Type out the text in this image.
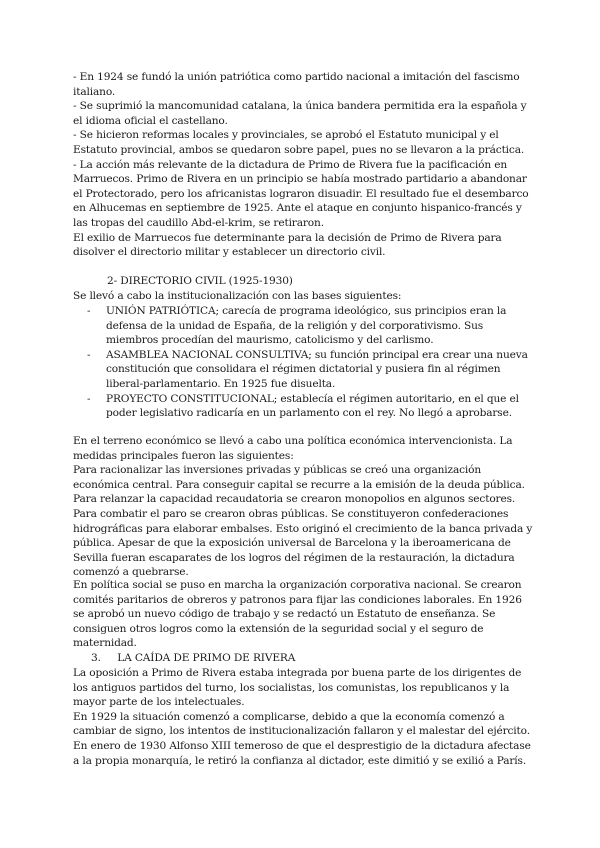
- En 1924 se fundó la unión patriótica como partido nacional a imitación del fascismo italiano.

- Se suprimió la mancomunidad catalana, la única bandera permitida era la española y el idioma oficial el castellano.

- Se hicieron reformas locales y provinciales, se aprobó el Estatuto municipal y el Estatuto provincial, ambos se quedaron sobre papel, pues no se llevaron a la práctica.

- La acción más relevante de la dictadura de Primo de Rivera fue la pacificación en Marruecos. Primo de Rivera en un principio se había mostrado partidario a abandonar el Protectorado, pero los africanistas lograron disuadir. El resultado fue el desembarco en Alhucemas en septiembre de 1925. Ante el ataque en conjunto hispanico-francés y las tropas del caudillo Abd-el-krim, se retiraron.

El exilio de Marruecos fue determinante para la decisión de Primo de Rivera para disolver el directorio militar y establecer un directorio civil.

2- DIRECTORIO CIVIL (1925-1930)

Se llevó a cabo la institucionalización con las bases siguientes:

- UNIÓN PATRIÓTICA; carecía de programa ideológico, sus principios eran la defensa de la unidad de España, de la religión y del corporativismo. Sus miembros procedían del maurismo, catolicismo y del carlismo.
- ASAMBLEA NACIONAL CONSULTIVA; su función principal era crear una nueva constitución que consolidara el régimen dictatorial y pusiera fin al régimen liberal-parlamentario. En 1925 fue disuelta.
- PROYECTO CONSTITUCIONAL; establecía el régimen autoritario, en el que el poder legislativo radicaría en un parlamento con el rey. No llegó a aprobarse.

En el terreno económico se llevó a cabo una política económica intervencionista. La medidas principales fueron las siguientes:

Para racionalizar las inversiones privadas y públicas se creó una organización económica central. Para conseguir capital se recurre a la emisión de la deuda pública. Para relanzar la capacidad recaudatoria se crearon monopolios en algunos sectores. Para combatir el paro se crearon obras públicas. Se constituyeron confederaciones hidrográficas para elaborar embalses. Esto originó el crecimiento de la banca privada y pública. Apesar de que la exposición universal de Barcelona y la iberoamericana de Sevilla fueran escaparates de los logros del régimen de la restauración, la dictadura comenzó a quebrarse.

En política social se puso en marcha la organización corporativa nacional. Se crearon comités paritarios de obreros y patronos para fijar las condiciones laborales. En 1926 se aprobó un nuevo código de trabajo y se redactó un Estatuto de enseñanza. Se consiguen otros logros como la extensión de la seguridad social y el seguro de maternidad.

3. LA CAÍDA DE PRIMO DE RIVERA

La oposición a Primo de Rivera estaba integrada por buena parte de los dirigentes de los antiguos partidos del turno, los socialistas, los comunistas, los republicanos y la mayor parte de los intelectuales.

En 1929 la situación comenzó a complicarse, debido a que la economía comenzó a cambiar de signo, los intentos de institucionalización fallaron y el malestar del ejército.

En enero de 1930 Alfonso XIII temeroso de que el desprestigio de la dictadura afectase a la propia monarquía, le retiró la confianza al dictador, este dimitió y se exilió a París.
